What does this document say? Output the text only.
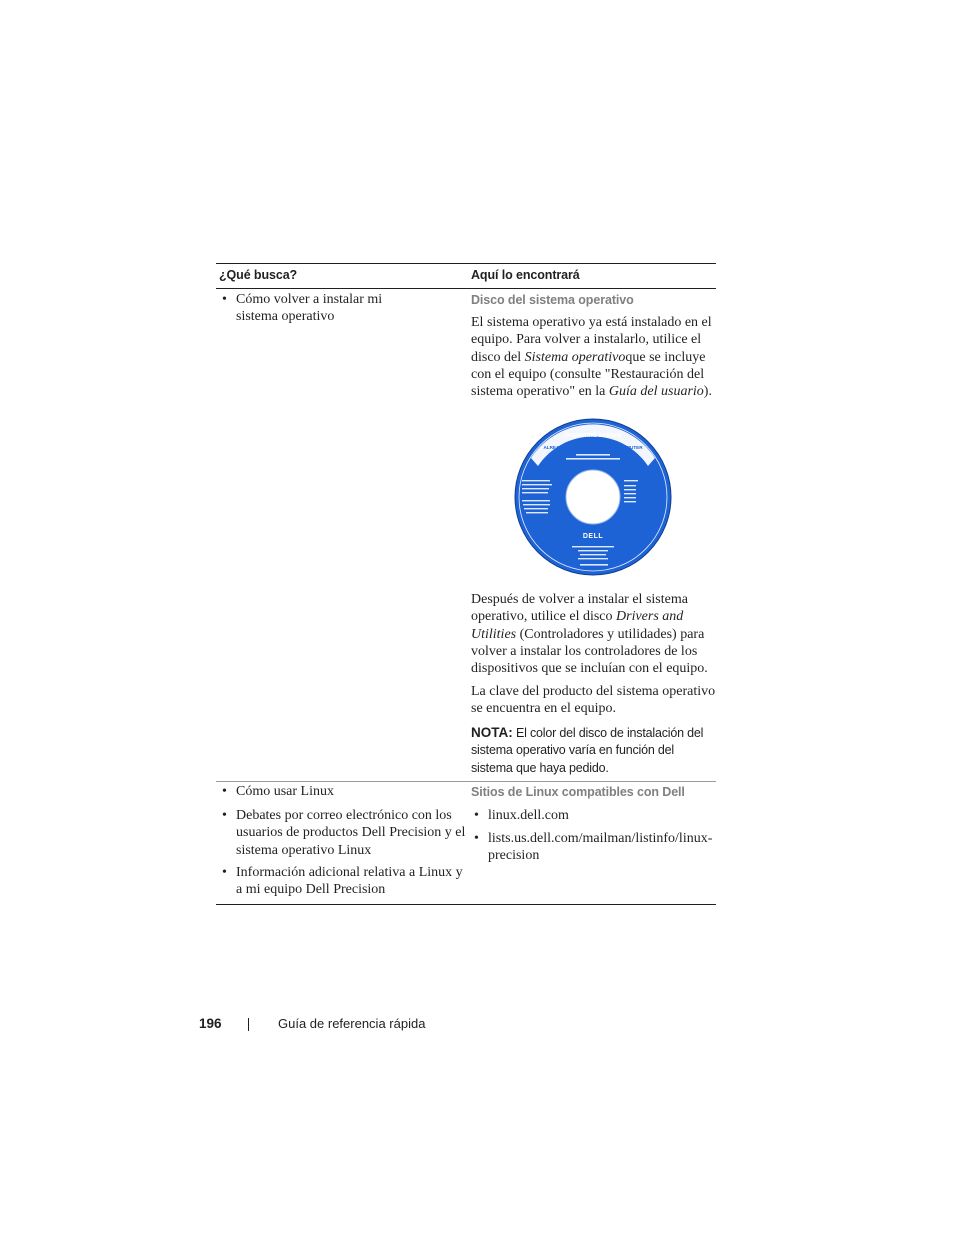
¿Qué busca?	Aquí lo encontrará
• Cómo volver a instalar mi sistema operativo
Disco del sistema operativo
El sistema operativo ya está instalado en el equipo. Para volver a instalarlo, utilice el disco del Sistema operativoque se incluye con el equipo (consulte "Restauración del sistema operativo" en la Guía del usuario).
Después de volver a instalar el sistema operativo, utilice el disco Drivers and Utilities (Controladores y utilidades) para volver a instalar los controladores de los dispositivos que se incluían con el equipo.
La clave del producto del sistema operativo se encuentra en el equipo.
NOTA: El color del disco de instalación del sistema operativo varía en función del sistema que haya pedido.
• Cómo usar Linux
• Debates por correo electrónico con los usuarios de productos Dell Precision y el sistema operativo Linux
• Información adicional relativa a Linux y a mi equipo Dell Precision
Sitios de Linux compatibles con Dell
• linux.dell.com
• lists.us.dell.com/mailman/listinfo/linux-precision
OPERATING SYSTEM
ALREADY INSTALLED ON YOUR COMPUTER
DELL
196	Guía de referencia rápida
